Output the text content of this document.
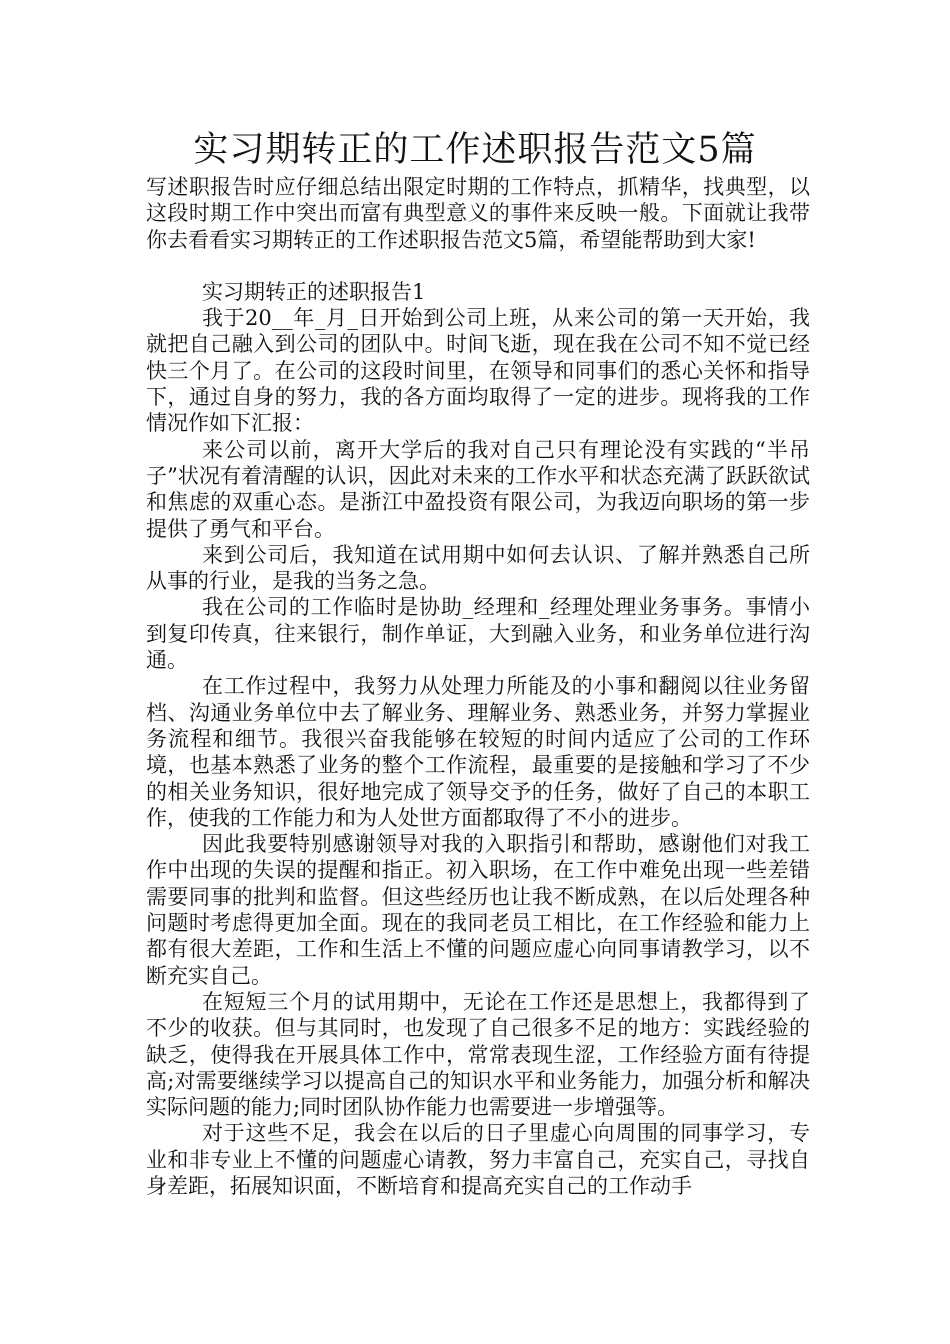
实习期转正的工作述职报告范文5篇

写述职报告时应仔细总结出限定时期的工作特点，抓精华，找典型，以这段时期工作中突出而富有典型意义的事件来反映一般。下面就让我带你去看看实习期转正的工作述职报告范文5篇，希望能帮助到大家!

实习期转正的述职报告1

我于20__年_月_日开始到公司上班，从来公司的第一天开始，我就把自己融入到公司的团队中。时间飞逝，现在我在公司不知不觉已经快三个月了。在公司的这段时间里，在领导和同事们的悉心关怀和指导下，通过自身的努力，我的各方面均取得了一定的进步。现将我的工作情况作如下汇报：

来公司以前，离开大学后的我对自己只有理论没有实践的“半吊子”状况有着清醒的认识，因此对未来的工作水平和状态充满了跃跃欲试和焦虑的双重心态。是浙江中盈投资有限公司，为我迈向职场的第一步提供了勇气和平台。

来到公司后，我知道在试用期中如何去认识、了解并熟悉自己所从事的行业，是我的当务之急。

我在公司的工作临时是协助_经理和_经理处理业务事务。事情小到复印传真，往来银行，制作单证，大到融入业务，和业务单位进行沟通。

在工作过程中，我努力从处理力所能及的小事和翻阅以往业务留档、沟通业务单位中去了解业务、理解业务、熟悉业务，并努力掌握业务流程和细节。我很兴奋我能够在较短的时间内适应了公司的工作环境，也基本熟悉了业务的整个工作流程，最重要的是接触和学习了不少的相关业务知识，很好地完成了领导交予的任务，做好了自己的本职工作，使我的工作能力和为人处世方面都取得了不小的进步。

因此我要特别感谢领导对我的入职指引和帮助，感谢他们对我工作中出现的失误的提醒和指正。初入职场，在工作中难免出现一些差错需要同事的批判和监督。但这些经历也让我不断成熟，在以后处理各种问题时考虑得更加全面。现在的我同老员工相比，在工作经验和能力上都有很大差距，工作和生活上不懂的问题应虚心向同事请教学习，以不断充实自己。

在短短三个月的试用期中，无论在工作还是思想上，我都得到了不少的收获。但与其同时，也发现了自己很多不足的地方：实践经验的缺乏，使得我在开展具体工作中，常常表现生涩，工作经验方面有待提高;对需要继续学习以提高自己的知识水平和业务能力，加强分析和解决实际问题的能力;同时团队协作能力也需要进一步增强等。

对于这些不足，我会在以后的日子里虚心向周围的同事学习，专业和非专业上不懂的问题虚心请教，努力丰富自己，充实自己，寻找自身差距，拓展知识面，不断培育和提高充实自己的工作动手
